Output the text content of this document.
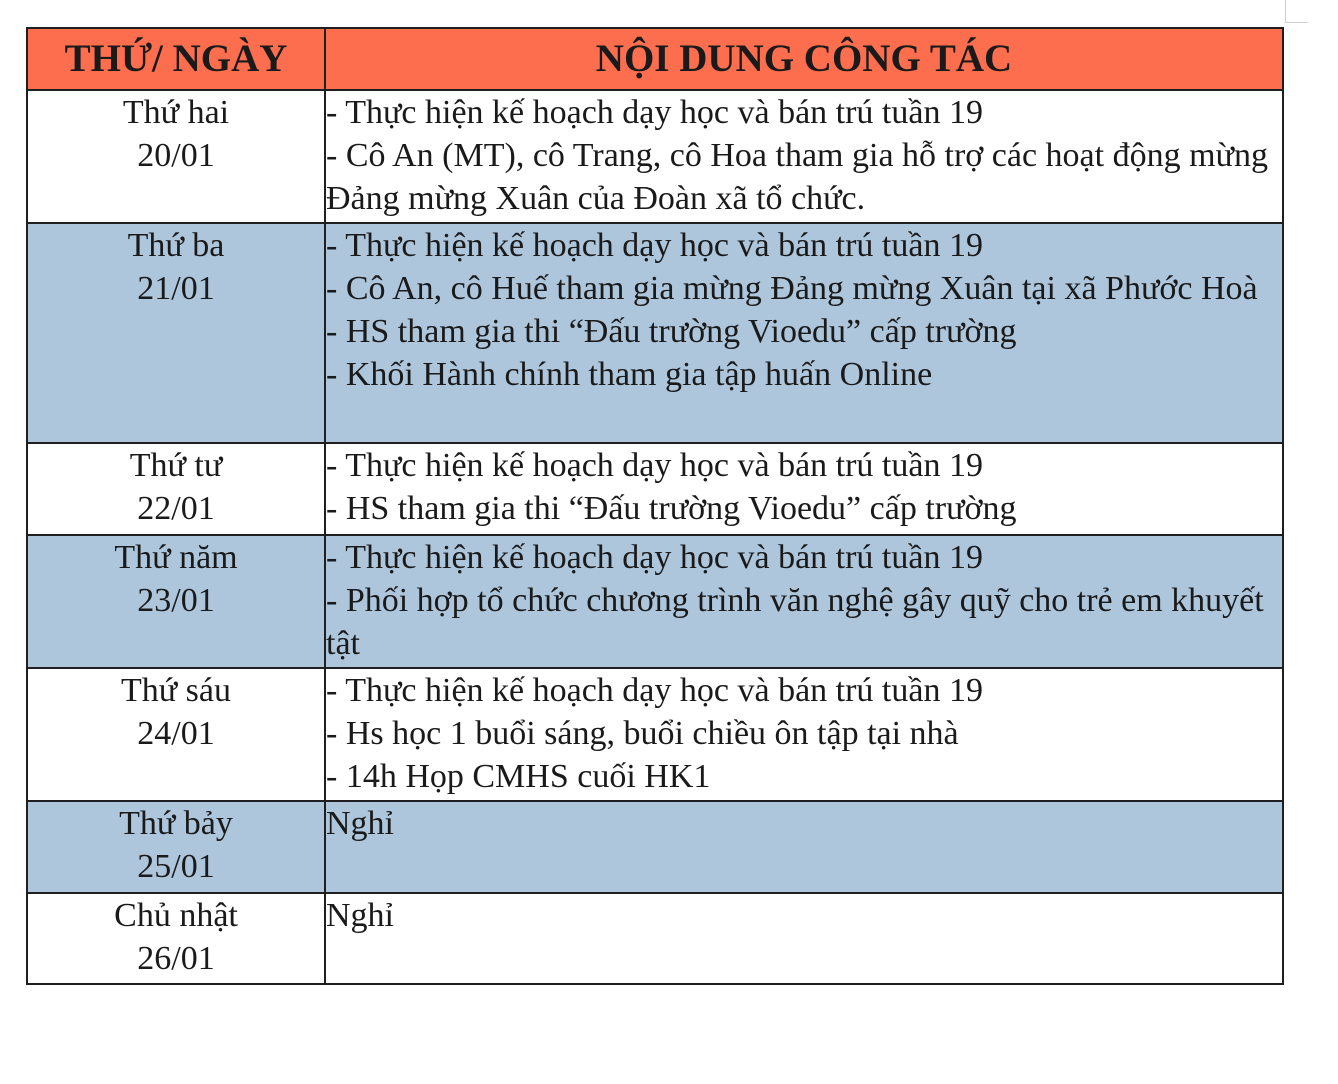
THỨ/ NGÀY	NỘI DUNG CÔNG TÁC

Thứ hai
20/01	- Thực hiện kế hoạch dạy học và bán trú tuần 19
- Cô An (MT), cô Trang, cô Hoa tham gia hỗ trợ các hoạt động mừng Đảng mừng Xuân của Đoàn xã tổ chức.

Thứ ba
21/01	- Thực hiện kế hoạch dạy học và bán trú tuần 19
- Cô An, cô Huế tham gia mừng Đảng mừng Xuân tại xã Phước Hoà
- HS tham gia thi “Đấu trường Vioedu” cấp trường
- Khối Hành chính tham gia tập huấn Online

Thứ tư
22/01	- Thực hiện kế hoạch dạy học và bán trú tuần 19
- HS tham gia thi “Đấu trường Vioedu” cấp trường

Thứ năm
23/01	- Thực hiện kế hoạch dạy học và bán trú tuần 19
- Phối hợp tổ chức chương trình văn nghệ gây quỹ cho trẻ em khuyết tật

Thứ sáu
24/01	- Thực hiện kế hoạch dạy học và bán trú tuần 19
- Hs học 1 buổi sáng, buổi chiều ôn tập tại nhà
- 14h Họp CMHS cuối HK1

Thứ bảy
25/01	Nghỉ

Chủ nhật
26/01	Nghỉ
